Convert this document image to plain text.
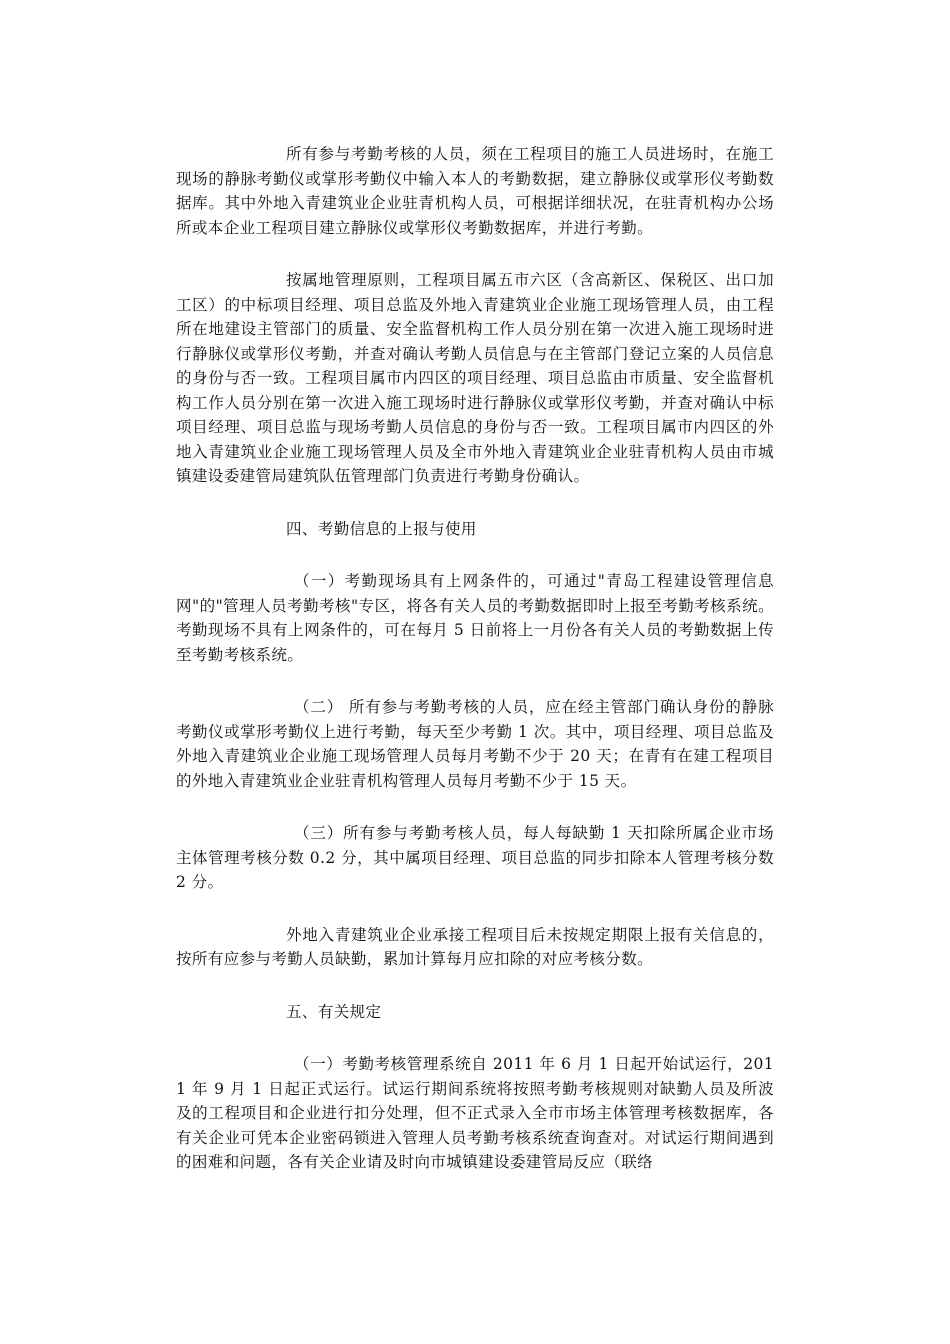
所有参与考勤考核的人员，须在工程项目的施工人员进场时，在施工现场的静脉考勤仪或掌形考勤仪中输入本人的考勤数据，建立静脉仪或掌形仪考勤数据库。其中外地入青建筑业企业驻青机构人员，可根据详细状况，在驻青机构办公场所或本企业工程项目建立静脉仪或掌形仪考勤数据库，并进行考勤。

按属地管理原则，工程项目属五市六区（含高新区、保税区、出口加工区）的中标项目经理、项目总监及外地入青建筑业企业施工现场管理人员，由工程所在地建设主管部门的质量、安全监督机构工作人员分别在第一次进入施工现场时进行静脉仪或掌形仪考勤，并查对确认考勤人员信息与在主管部门登记立案的人员信息的身份与否一致。工程项目属市内四区的项目经理、项目总监由市质量、安全监督机构工作人员分别在第一次进入施工现场时进行静脉仪或掌形仪考勤，并查对确认中标项目经理、项目总监与现场考勤人员信息的身份与否一致。工程项目属市内四区的外地入青建筑业企业施工现场管理人员及全市外地入青建筑业企业驻青机构人员由市城镇建设委建管局建筑队伍管理部门负责进行考勤身份确认。

四、考勤信息的上报与使用

（一）考勤现场具有上网条件的，可通过"青岛工程建设管理信息网"的"管理人员考勤考核"专区，将各有关人员的考勤数据即时上报至考勤考核系统。考勤现场不具有上网条件的，可在每月 5 日前将上一月份各有关人员的考勤数据上传至考勤考核系统。

（二） 所有参与考勤考核的人员，应在经主管部门确认身份的静脉考勤仪或掌形考勤仪上进行考勤，每天至少考勤 1 次。其中，项目经理、项目总监及外地入青建筑业企业施工现场管理人员每月考勤不少于 20 天；在青有在建工程项目的外地入青建筑业企业驻青机构管理人员每月考勤不少于 15 天。

（三）所有参与考勤考核人员，每人每缺勤 1 天扣除所属企业市场主体管理考核分数 0.2 分，其中属项目经理、项目总监的同步扣除本人管理考核分数 2 分。

外地入青建筑业企业承接工程项目后未按规定期限上报有关信息的，按所有应参与考勤人员缺勤，累加计算每月应扣除的对应考核分数。

五、有关规定

（一）考勤考核管理系统自 2011 年 6 月 1 日起开始试运行，2011 年 9 月 1 日起正式运行。试运行期间系统将按照考勤考核规则对缺勤人员及所波及的工程项目和企业进行扣分处理，但不正式录入全市市场主体管理考核数据库，各有关企业可凭本企业密码锁进入管理人员考勤考核系统查询查对。对试运行期间遇到的困难和问题，各有关企业请及时向市城镇建设委建管局反应（联络
